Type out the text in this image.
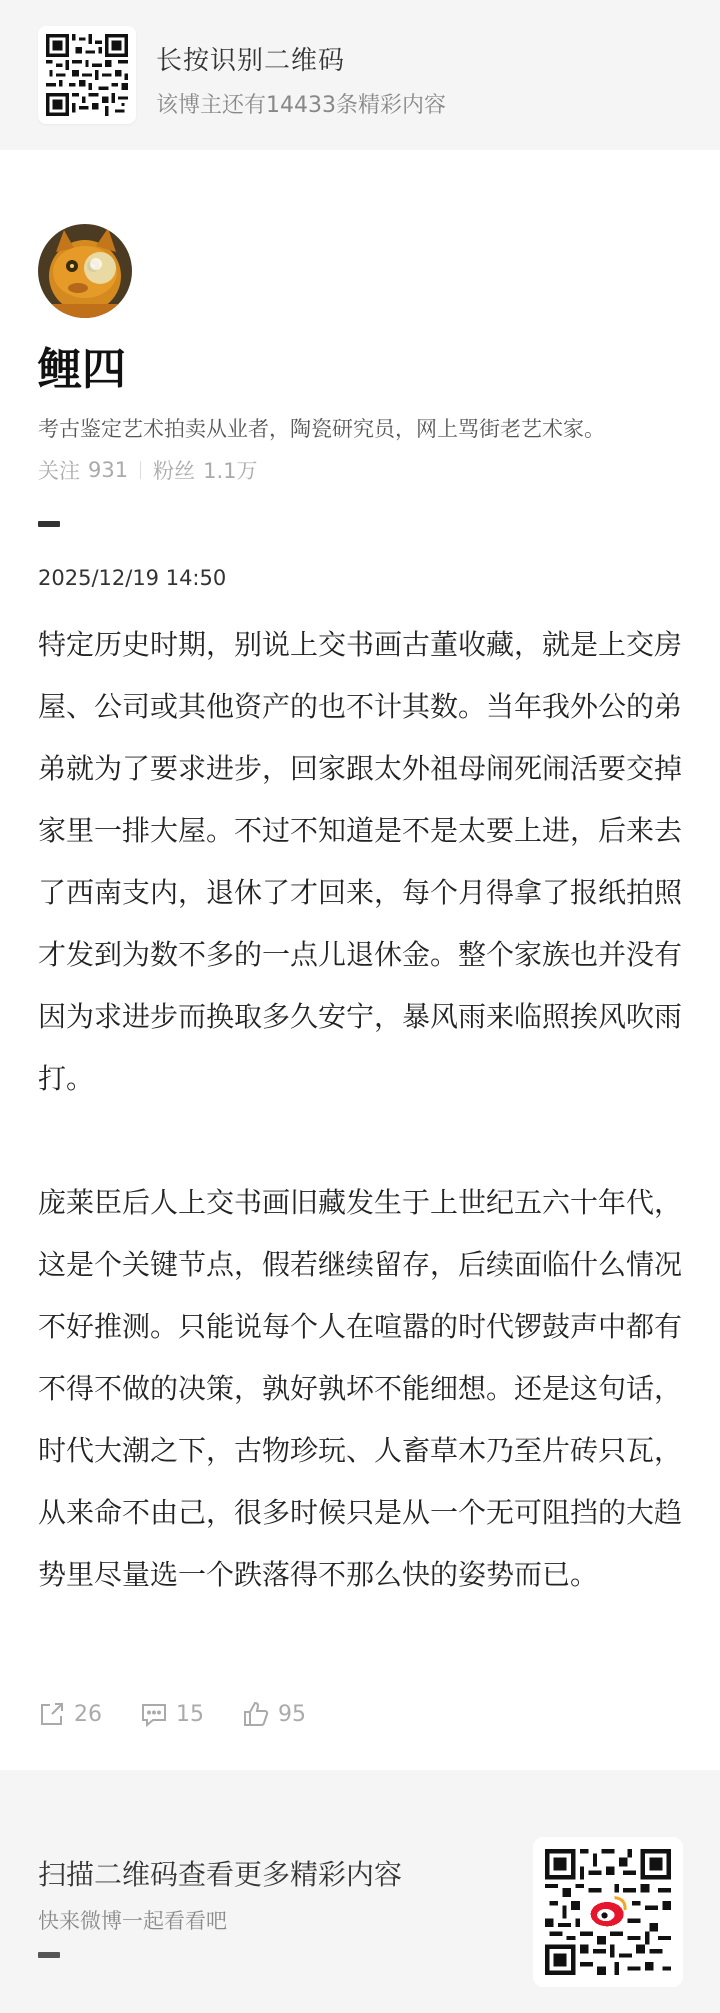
长按识别二维码
该博主还有14433条精彩内容
鲤四
考古鉴定艺术拍卖从业者，陶瓷研究员，网上骂街老艺术家。
关注 931 粉丝 1.1万
2025/12/19 14:50

特定历史时期，别说上交书画古董收藏，就是上交房屋、公司或其他资产的也不计其数。当年我外公的弟弟就为了要求进步，回家跟太外祖母闹死闹活要交掉家里一排大屋。不过不知道是不是太要上进，后来去了西南支内，退休了才回来，每个月得拿了报纸拍照才发到为数不多的一点儿退休金。整个家族也并没有因为求进步而换取多久安宁，暴风雨来临照挨风吹雨打。

庞莱臣后人上交书画旧藏发生于上世纪五六十年代，这是个关键节点，假若继续留存，后续面临什么情况不好推测。只能说每个人在喧嚣的时代锣鼓声中都有不得不做的决策，孰好孰坏不能细想。还是这句话，时代大潮之下，古物珍玩、人畜草木乃至片砖只瓦，从来命不由己，很多时候只是从一个无可阻挡的大趋势里尽量选一个跌落得不那么快的姿势而已。

26	15	95
扫描二维码查看更多精彩内容
快来微博一起看看吧
